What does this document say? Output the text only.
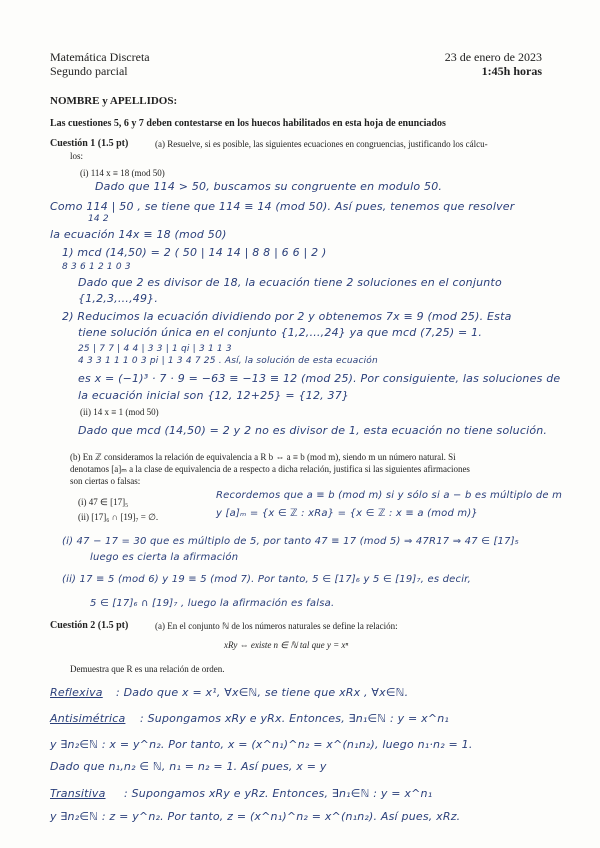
Matemática Discreta
Segundo parcial
23 de enero de 2023
1:45h horas
NOMBRE y APELLIDOS:
Las cuestiones 5, 6 y 7 deben contestarse en los huecos habilitados en esta hoja de enunciados
Cuestión 1 (1.5 pt)	(a) Resuelve, si es posible, las siguientes ecuaciones en congruencias, justificando los cálcu-
los:
(i) 114 x ≡ 18 (mod 50)
Dado que 114 > 50, buscamos su congruente en modulo 50.
Como 114 | 50 , se tiene que 114 ≡ 14 (mod 50). Así pues, tenemos que resolver
14 2
la ecuación 14x ≡ 18 (mod 50)
1) mcd (14,50) = 2 ( 50 | 14 14 | 8 8 | 6 6 | 2 )
8 3 6 1 2 1 0 3
Dado que 2 es divisor de 18, la ecuación tiene 2 soluciones en el conjunto
{1,2,3,…,49}.
2) Reducimos la ecuación dividiendo por 2 y obtenemos 7x ≡ 9 (mod 25). Esta
tiene solución única en el conjunto {1,2,…,24} ya que mcd (7,25) = 1.
25 | 7 7 | 4 4 | 3 3 | 1 qi | 3 1 1 3
4 3 3 1 1 1 0 3 pi | 1 3 4 7 25 . Así, la solución de esta ecuación
es x = (−1)³ · 7 · 9 = −63 ≡ −13 ≡ 12 (mod 25). Por consiguiente, las soluciones de
la ecuación inicial son {12, 12+25} = {12, 37}
(ii) 14 x ≡ 1 (mod 50)
Dado que mcd (14,50) = 2 y 2 no es divisor de 1, esta ecuación no tiene solución.
(b) En ℤ consideramos la relación de equivalencia a R b ⇔ a ≡ b (mod m), siendo m un número natural. Si
denotamos [a]ₘ a la clase de equivalencia de a respecto a dicha relación, justifica si las siguientes afirmaciones
son ciertas o falsas:
(i) 47 ∈ [17]₅
(ii) [17]₆ ∩ [19]₇ = ∅.
Recordemos que a ≡ b (mod m) si y sólo si a − b es múltiplo de m
y [a]ₘ = {x ∈ ℤ : xRa} = {x ∈ ℤ : x ≡ a (mod m)}
(i) 47 − 17 = 30 que es múltiplo de 5, por tanto 47 ≡ 17 (mod 5) ⇒ 47R17 ⇒ 47 ∈ [17]₅
luego es cierta la afirmación
(ii) 17 ≡ 5 (mod 6) y 19 ≡ 5 (mod 7). Por tanto, 5 ∈ [17]₆ y 5 ∈ [19]₇, es decir,
5 ∈ [17]₆ ∩ [19]₇ , luego la afirmación es falsa.
Cuestión 2 (1.5 pt)	(a) En el conjunto ℕ de los números naturales se define la relación:
xRy ⇔ existe n ∈ ℕ tal que y = xⁿ
Demuestra que R es una relación de orden.
Reflexiva : Dado que x = x¹, ∀x∈ℕ, se tiene que xRx , ∀x∈ℕ.
Antisimétrica : Supongamos xRy e yRx. Entonces, ∃n₁∈ℕ : y = x^n₁
y ∃n₂∈ℕ : x = y^n₂. Por tanto, x = (x^n₁)^n₂ = x^(n₁n₂), luego n₁·n₂ = 1.
Dado que n₁,n₂ ∈ ℕ, n₁ = n₂ = 1. Así pues, x = y
Transitiva : Supongamos xRy e yRz. Entonces, ∃n₁∈ℕ : y = x^n₁
y ∃n₂∈ℕ : z = y^n₂. Por tanto, z = (x^n₁)^n₂ = x^(n₁n₂). Así pues, xRz.
